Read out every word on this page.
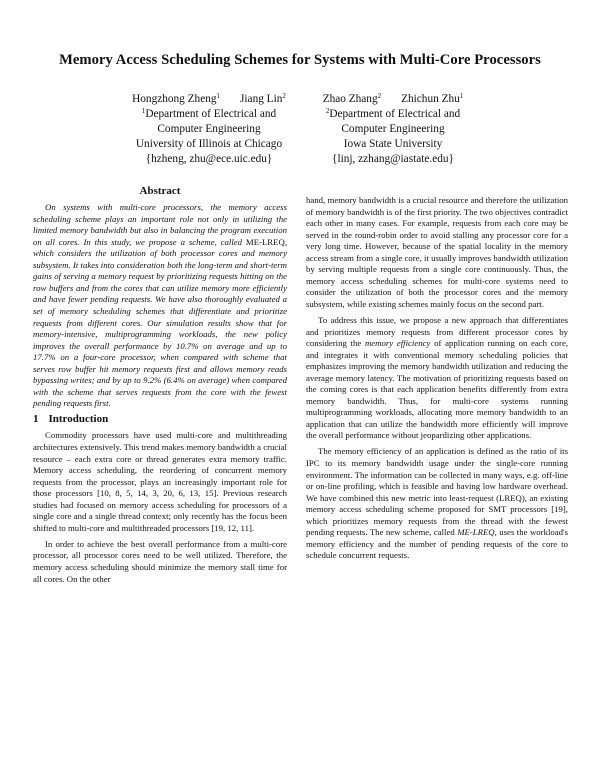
Memory Access Scheduling Schemes for Systems with Multi-Core Processors
Hongzhong Zheng$^1$ Jiang Lin$^2$
$^1$Department of Electrical and
Computer Engineering
University of Illinois at Chicago
{hzheng, zhu@ece.uic.edu}
Zhao Zhang$^2$ Zhichun Zhu$^1$
$^2$Department of Electrical and
Computer Engineering
Iowa State University
{linj, zzhang@iastate.edu}

Abstract

On systems with multi-core processors, the memory access scheduling scheme plays an important role not only in utilizing the limited memory bandwidth but also in balancing the program execution on all cores. In this study, we propose a scheme, called ME-LREQ, which considers the utilization of both processor cores and memory subsystem. It takes into consideration both the long-term and short-term gains of serving a memory request by prioritizing requests hitting on the row buffers and from the cores that can utilize memory more efficiently and have fewer pending requests. We have also thoroughly evaluated a set of memory scheduling schemes that differentiate and prioritize requests from different cores. Our simulation results show that for memory-intensive, multiprogramming workloads, the new policy improves the overall performance by 10.7% on average and up to 17.7% on a four-core processor, when compared with scheme that serves row buffer hit memory requests first and allows memory reads bypassing writes; and by up to 9.2% (6.4% on average) when compared with the scheme that serves requests from the core with the fewest pending requests first.

1 Introduction

Commodity processors have used multi-core and multithreading architectures extensively. This trend makes memory bandwidth a crucial resource – each extra core or thread generates extra memory traffic. Memory access scheduling, the reordering of concurrent memory requests from the processor, plays an increasingly important role for those processors [10, 8, 5, 14, 3, 20, 6, 13, 15]. Previous research studies had focused on memory access scheduling for processors of a single core and a single thread context; only recently has the focus been shifted to multi-core and multithreaded processors [19, 12, 11].

In order to achieve the best overall performance from a multi-core processor, all processor cores need to be well utilized. Therefore, the memory access scheduling should minimize the memory stall time for all cores. On the other

hand, memory bandwidth is a crucial resource and therefore the utilization of memory bandwidth is of the first priority. The two objectives contradict each other in many cases. For example, requests from each core may be served in the round-robin order to avoid stalling any processor core for a very long time. However, because of the spatial locality in the memory access stream from a single core, it usually improves bandwidth utilization by serving multiple requests from a single core continuously. Thus, the memory access scheduling schemes for multi-core systems need to consider the utilization of both the processor cores and the memory subsystem, while existing schemes mainly focus on the second part.

To address this issue, we propose a new approach that differentiates and prioritizes memory requests from different processor cores by considering the memory efficiency of application running on each core, and integrates it with conventional memory scheduling policies that emphasizes improving the memory bandwidth utilization and reducing the average memory latency. The motivation of prioritizing requests based on the coming cores is that each application benefits differently from extra memory bandwidth. Thus, for multi-core systems running multiprogramming workloads, allocating more memory bandwidth to an application that can utilize the bandwidth more efficiently will improve the overall performance without jeopardizing other applications.

The memory efficiency of an application is defined as the ratio of its IPC to its memory bandwidth usage under the single-core running environment. The information can be collected in many ways, e.g. off-line or on-line profiling, which is feasible and having low hardware overhead. We have combined this new metric into least-request (LREQ), an existing memory access scheduling scheme proposed for SMT processors [19], which prioritizes memory requests from the thread with the fewest pending requests. The new scheme, called ME-LREQ, uses the workload's memory efficiency and the number of pending requests of the core to schedule concurrent requests.
